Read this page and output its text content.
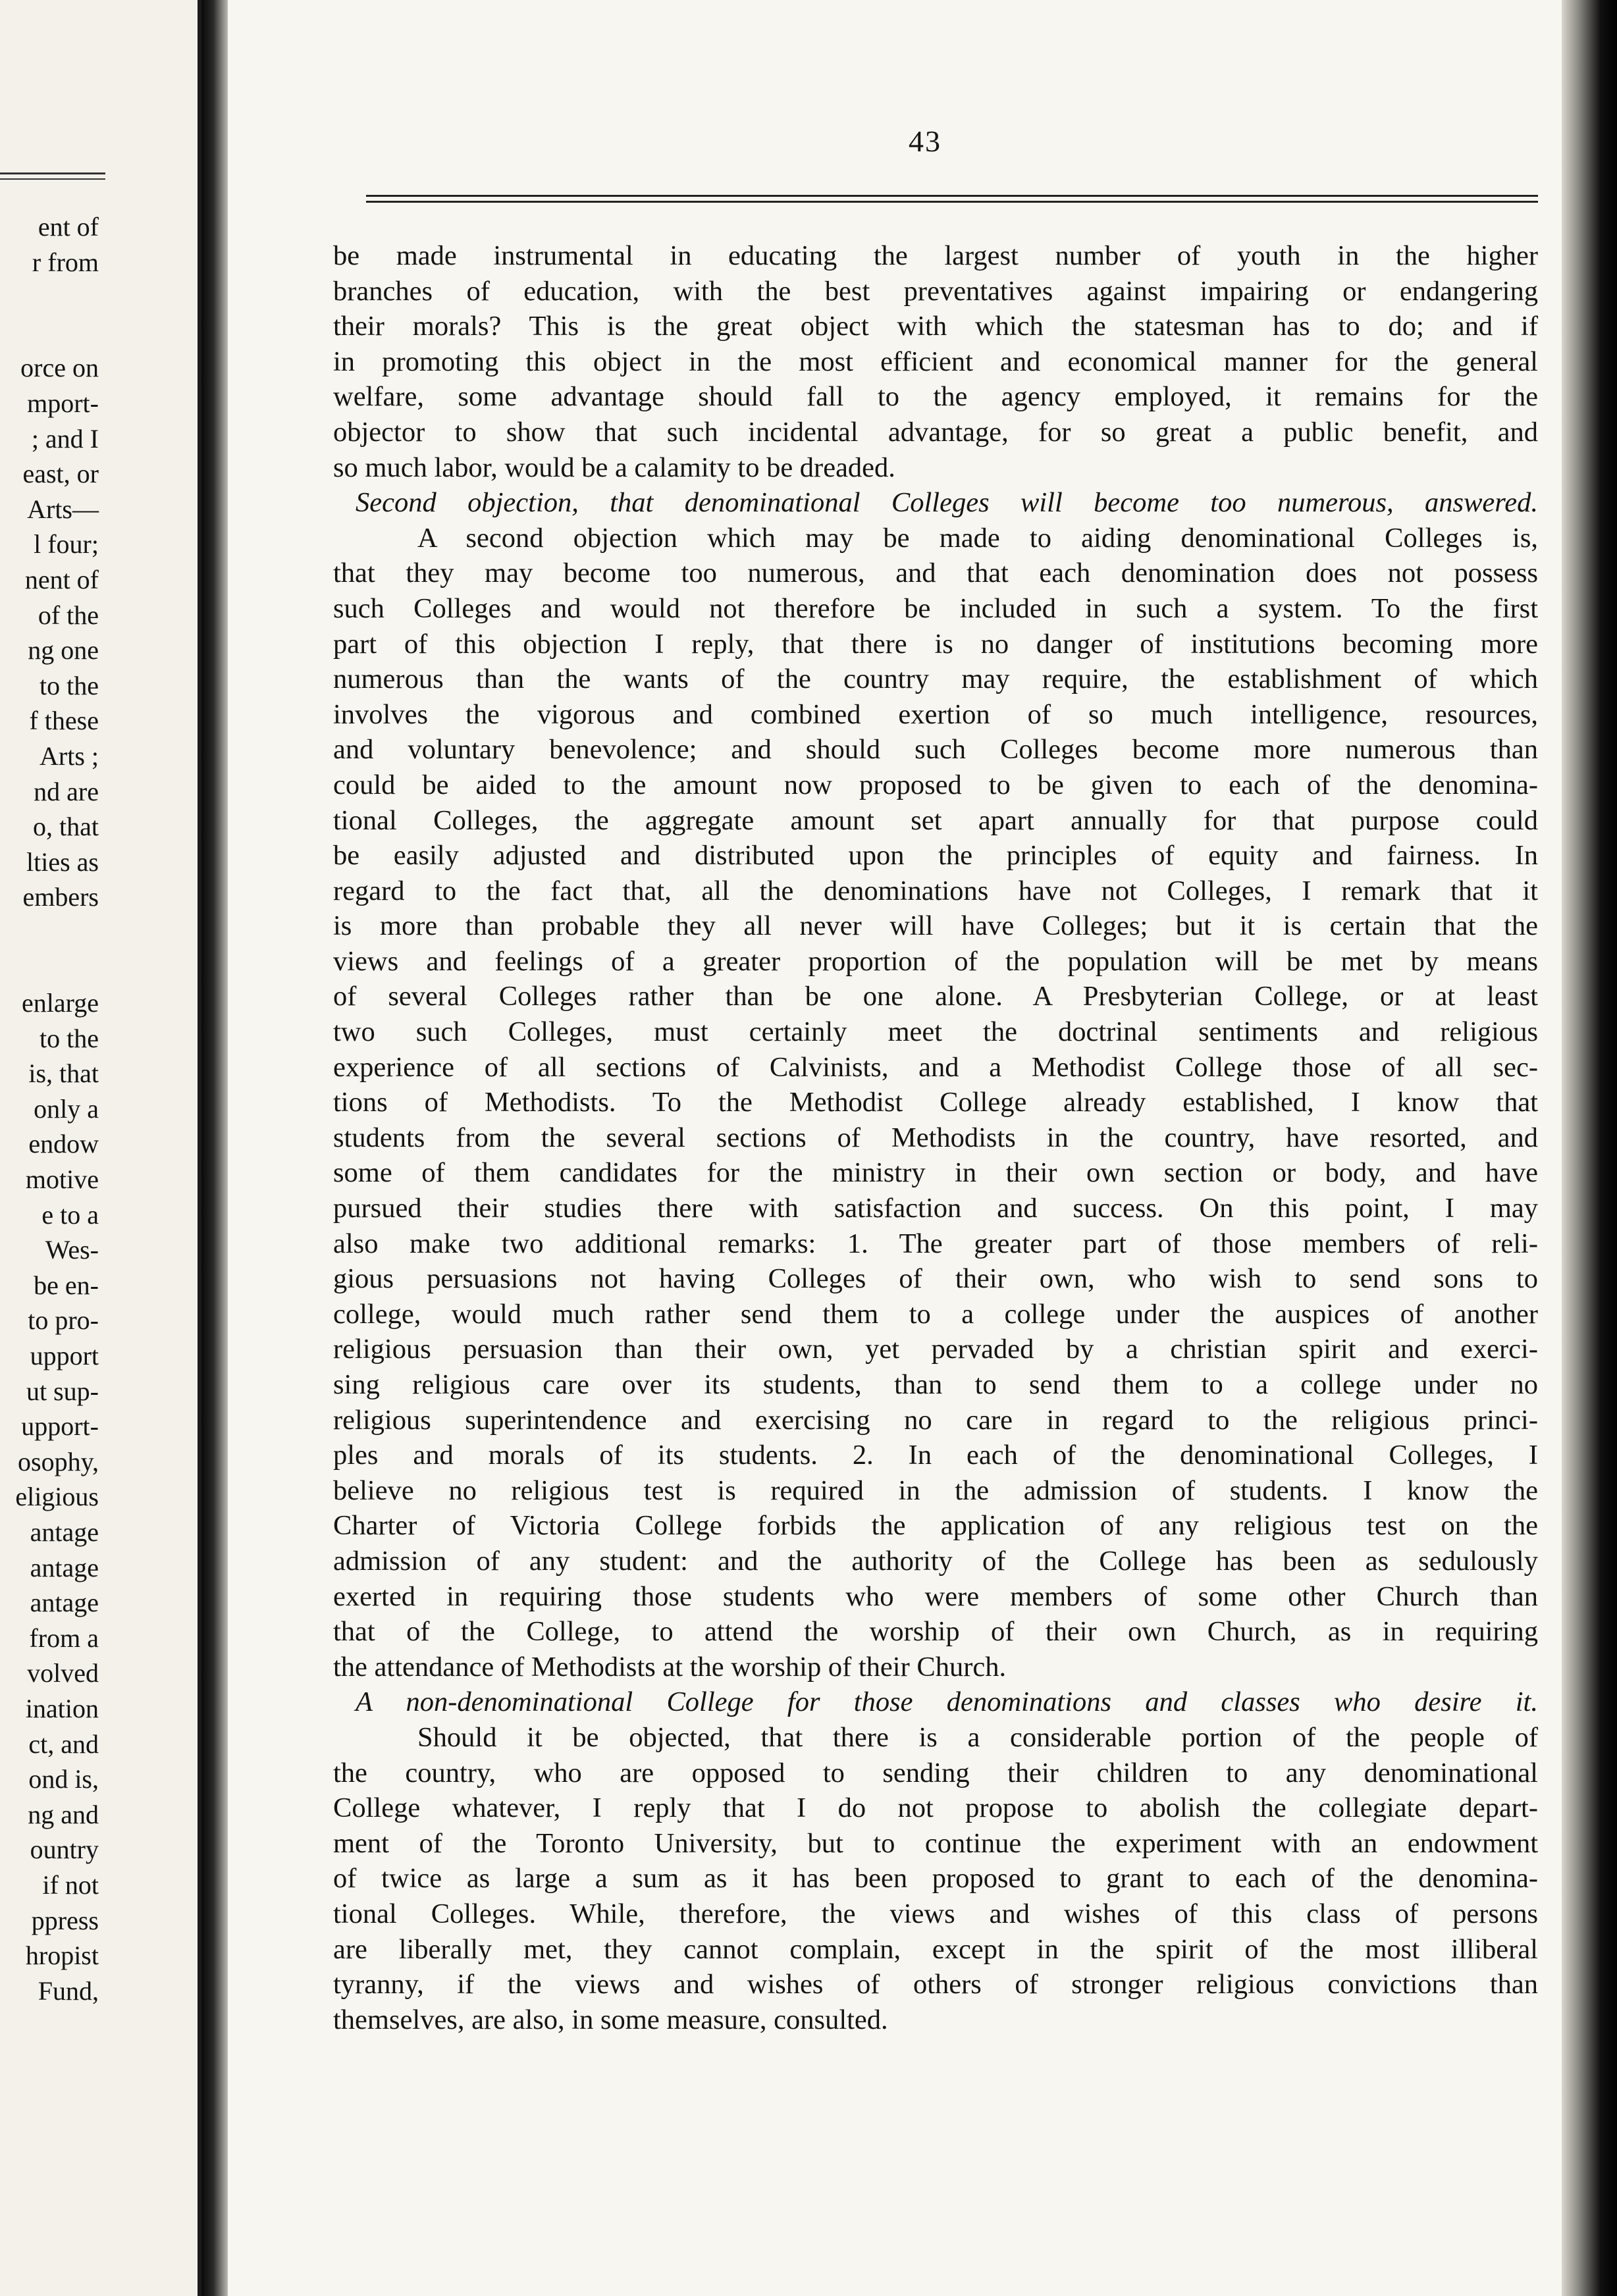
ent of
r from
orce on
mport-
; and I
east, or
Arts—
l four;
nent of
of the
ng one
to the
f these
Arts ;
nd are
o, that
lties as
embers
enlarge
to the
is, that
only a
endow
motive
e to a
Wes-
be en-
to pro-
upport
ut sup-
upport-
osophy,
eligious
antage
antage
antage
from a
volved
ination
ct, and
ond is,
ng and
ountry
if not
ppress
hropist
Fund,
43
be made instrumental in educating the largest number of youth in the higher
branches of education, with the best preventatives against impairing or endangering
their morals? This is the great object with which the statesman has to do; and if
in promoting this object in the most efficient and economical manner for the general
welfare, some advantage should fall to the agency employed, it remains for the
objector to show that such incidental advantage, for so great a public benefit, and
so much labor, would be a calamity to be dreaded.
Second objection, that denominational Colleges will become too numerous, answered.
A second objection which may be made to aiding denominational Colleges is,
that they may become too numerous, and that each denomination does not possess
such Colleges and would not therefore be included in such a system. To the first
part of this objection I reply, that there is no danger of institutions becoming more
numerous than the wants of the country may require, the establishment of which
involves the vigorous and combined exertion of so much intelligence, resources,
and voluntary benevolence; and should such Colleges become more numerous than
could be aided to the amount now proposed to be given to each of the denomina-
tional Colleges, the aggregate amount set apart annually for that purpose could
be easily adjusted and distributed upon the principles of equity and fairness. In
regard to the fact that, all the denominations have not Colleges, I remark that it
is more than probable they all never will have Colleges; but it is certain that the
views and feelings of a greater proportion of the population will be met by means
of several Colleges rather than be one alone. A Presbyterian College, or at least
two such Colleges, must certainly meet the doctrinal sentiments and religious
experience of all sections of Calvinists, and a Methodist College those of all sec-
tions of Methodists. To the Methodist College already established, I know that
students from the several sections of Methodists in the country, have resorted, and
some of them candidates for the ministry in their own section or body, and have
pursued their studies there with satisfaction and success. On this point, I may
also make two additional remarks: 1. The greater part of those members of reli-
gious persuasions not having Colleges of their own, who wish to send sons to
college, would much rather send them to a college under the auspices of another
religious persuasion than their own, yet pervaded by a christian spirit and exerci-
sing religious care over its students, than to send them to a college under no
religious superintendence and exercising no care in regard to the religious princi-
ples and morals of its students. 2. In each of the denominational Colleges, I
believe no religious test is required in the admission of students. I know the
Charter of Victoria College forbids the application of any religious test on the
admission of any student: and the authority of the College has been as sedulously
exerted in requiring those students who were members of some other Church than
that of the College, to attend the worship of their own Church, as in requiring
the attendance of Methodists at the worship of their Church.
A non-denominational College for those denominations and classes who desire it.
Should it be objected, that there is a considerable portion of the people of
the country, who are opposed to sending their children to any denominational
College whatever, I reply that I do not propose to abolish the collegiate depart-
ment of the Toronto University, but to continue the experiment with an endowment
of twice as large a sum as it has been proposed to grant to each of the denomina-
tional Colleges. While, therefore, the views and wishes of this class of persons
are liberally met, they cannot complain, except in the spirit of the most illiberal
tyranny, if the views and wishes of others of stronger religious convictions than
themselves, are also, in some measure, consulted.
